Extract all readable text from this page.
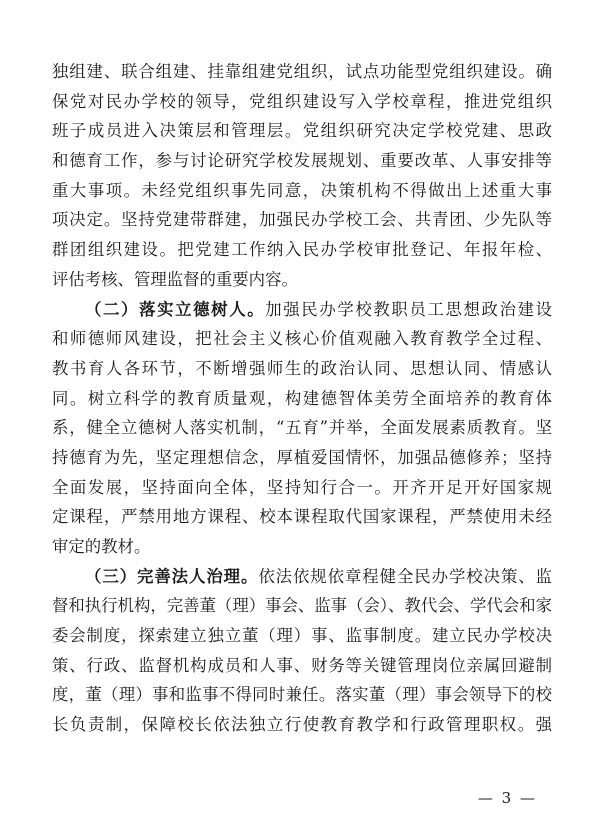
独组建、联合组建、挂靠组建党组织，试点功能型党组织建设。确
保党对民办学校的领导，党组织建设写入学校章程，推进党组织
班子成员进入决策层和管理层。党组织研究决定学校党建、思政
和德育工作，参与讨论研究学校发展规划、重要改革、人事安排等
重大事项。未经党组织事先同意，决策机构不得做出上述重大事
项决定。坚持党建带群建，加强民办学校工会、共青团、少先队等
群团组织建设。把党建工作纳入民办学校审批登记、年报年检、
评估考核、管理监督的重要内容。
（二）落实立德树人。加强民办学校教职员工思想政治建设
和师德师风建设，把社会主义核心价值观融入教育教学全过程、
教书育人各环节，不断增强师生的政治认同、思想认同、情感认
同。树立科学的教育质量观，构建德智体美劳全面培养的教育体
系，健全立德树人落实机制，“五育”并举，全面发展素质教育。坚
持德育为先，坚定理想信念，厚植爱国情怀，加强品德修养；坚持
全面发展，坚持面向全体，坚持知行合一。开齐开足开好国家规
定课程，严禁用地方课程、校本课程取代国家课程，严禁使用未经
审定的教材。
（三）完善法人治理。依法依规依章程健全民办学校决策、监
督和执行机构，完善董（理）事会、监事（会）、教代会、学代会和家
委会制度，探索建立独立董（理）事、监事制度。建立民办学校决
策、行政、监督机构成员和人事、财务等关键管理岗位亲属回避制
度，董（理）事和监事不得同时兼任。落实董（理）事会领导下的校
长负责制，保障校长依法独立行使教育教学和行政管理职权。强
— 3 —
